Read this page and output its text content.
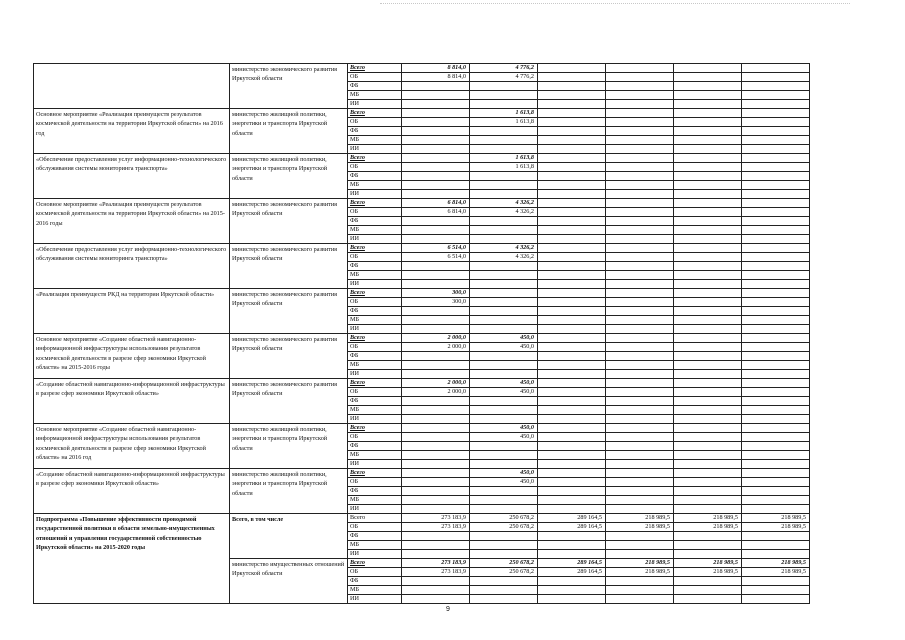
	министерство экономического развития Иркутской области	Всего	8 814,0	4 776,2				
		ОБ	8 814,0	4 776,2				
		ФБ						
		МБ						
		ИИ						
Основное мероприятие «Реализация преимуществ результатов космической деятельности на территории Иркутской области» на 2016 год	министерство жилищной политики, энергетики и транспорта Иркутской области	Всего		1 613,8				
		ОБ		1 613,8				
		ФБ						
		МБ						
		ИИ						
«Обеспечение предоставления услуг информационно-технологического обслуживания системы мониторинга транспорта»	министерство жилищной политики, энергетики и транспорта Иркутской области	Всего		1 613,8				
		ОБ		1 613,8				
		ФБ						
		МБ						
		ИИ						
Основное мероприятие «Реализация преимуществ результатов космической деятельности на территории Иркутской области» на 2015-2016 годы	министерство экономического развития Иркутской области	Всего	6 814,0	4 326,2				
		ОБ	6 814,0	4 326,2				
		ФБ						
		МБ						
		ИИ						
«Обеспечение предоставления услуг информационно-технологического обслуживания системы мониторинга транспорта»	министерство экономического развития Иркутской области	Всего	6 514,0	4 326,2				
		ОБ	6 514,0	4 326,2				
		ФБ						
		МБ						
		ИИ						
«Реализация преимуществ РКД на территории Иркутской области»	министерство экономического развития Иркутской области	Всего	300,0					
		ОБ	300,0					
		ФБ						
		МБ						
		ИИ						
Основное мероприятие «Создание областной навигационно-информационной инфраструктуры использования результатов космической деятельности в разрезе сфер экономики Иркутской области» на 2015-2016 годы	министерство экономического развития Иркутской области	Всего	2 000,0	450,0				
		ОБ	2 000,0	450,0				
		ФБ						
		МБ						
		ИИ						
«Создание областной навигационно-информационной инфраструктуры в разрезе сфер экономики Иркутской области»	министерство экономического развития Иркутской области	Всего	2 000,0	450,0				
		ОБ	2 000,0	450,0				
		ФБ						
		МБ						
		ИИ						
Основное мероприятие «Создание областной навигационно-информационной инфраструктуры использования результатов космической деятельности в разрезе сфер экономики Иркутской области» на 2016 год	министерство жилищной политики, энергетики и транспорта Иркутской области	Всего		450,0				
		ОБ		450,0				
		ФБ						
		МБ						
		ИИ						
«Создание областной навигационно-информационной инфраструктуры в разрезе сфер экономики Иркутской области»	министерство жилищной политики, энергетики и транспорта Иркутской области	Всего		450,0				
		ОБ		450,0				
		ФБ						
		МБ						
		ИИ						
Подпрограмма «Повышение эффективности проводимой государственной политики в области земельно-имущественных отношений и управления государственной собственностью Иркутской области» на 2015-2020 годы	Всего, в том числе	Всего	273 183,9	250 678,2	289 164,5	218 989,5	218 989,5	218 989,5
		ОБ	273 183,9	250 678,2	289 164,5	218 989,5	218 989,5	218 989,5
		ФБ						
		МБ						
		ИИ						
	министерство имущественных отношений Иркутской области	Всего	273 183,9	250 678,2	289 164,5	218 989,5	218 989,5	218 989,5
		ОБ	273 183,9	250 678,2	289 164,5	218 989,5	218 989,5	218 989,5
		ФБ						
		МБ						
		ИИ						
9
